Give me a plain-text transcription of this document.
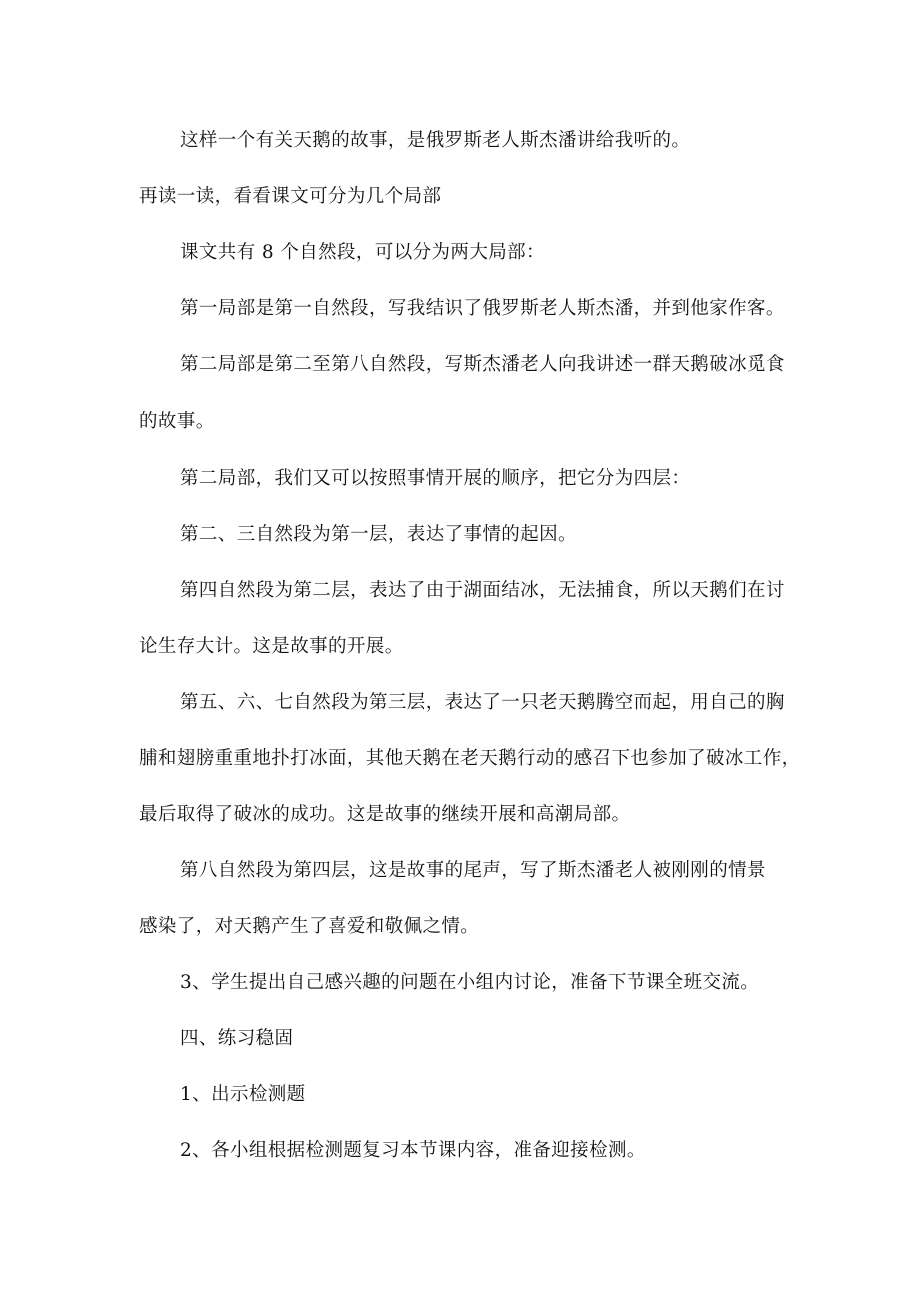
这样一个有关天鹅的故事，是俄罗斯老人斯杰潘讲给我听的。
再读一读，看看课文可分为几个局部
课文共有 8 个自然段，可以分为两大局部：
第一局部是第一自然段，写我结识了俄罗斯老人斯杰潘，并到他家作客。
第二局部是第二至第八自然段，写斯杰潘老人向我讲述一群天鹅破冰觅食
的故事。
第二局部，我们又可以按照事情开展的顺序，把它分为四层：
第二、三自然段为第一层，表达了事情的起因。
第四自然段为第二层，表达了由于湖面结冰，无法捕食，所以天鹅们在讨
论生存大计。这是故事的开展。
第五、六、七自然段为第三层，表达了一只老天鹅腾空而起，用自己的胸
脯和翅膀重重地扑打冰面，其他天鹅在老天鹅行动的感召下也参加了破冰工作，
最后取得了破冰的成功。这是故事的继续开展和高潮局部。
第八自然段为第四层，这是故事的尾声，写了斯杰潘老人被刚刚的情景
感染了，对天鹅产生了喜爱和敬佩之情。
3、学生提出自己感兴趣的问题在小组内讨论，准备下节课全班交流。
四、练习稳固
1、出示检测题
2、各小组根据检测题复习本节课内容，准备迎接检测。
